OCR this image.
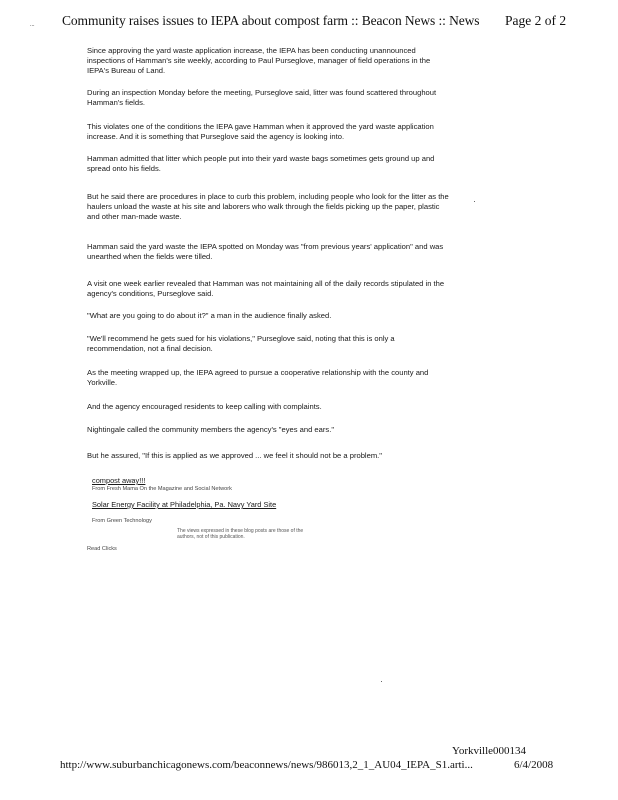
... Community raises issues to IEPA about compost farm :: Beacon News :: News Page 2 of 2

Since approving the yard waste application increase, the IEPA has been conducting unannounced inspections of Hamman's site weekly, according to Paul Purseglove, manager of field operations in the IEPA's Bureau of Land.

During an inspection Monday before the meeting, Purseglove said, litter was found scattered throughout Hamman's fields.

This violates one of the conditions the IEPA gave Hamman when it approved the yard waste application increase. And it is something that Purseglove said the agency is looking into.

Hamman admitted that litter which people put into their yard waste bags sometimes gets ground up and spread onto his fields.

But he said there are procedures in place to curb this problem, including people who look for the litter as the haulers unload the waste at his site and laborers who walk through the fields picking up the paper, plastic and other man-made waste.

Hamman said the yard waste the IEPA spotted on Monday was "from previous years' application" and was unearthed when the fields were tilled.

A visit one week earlier revealed that Hamman was not maintaining all of the daily records stipulated in the agency's conditions, Purseglove said.

"What are you going to do about it?" a man in the audience finally asked.

"We'll recommend he gets sued for his violations," Purseglove said, noting that this is only a recommendation, not a final decision.

As the meeting wrapped up, the IEPA agreed to pursue a cooperative relationship with the county and Yorkville.

And the agency encouraged residents to keep calling with complaints.

Nightingale called the community members the agency's "eyes and ears."

But he assured, "If this is applied as we approved ... we feel it should not be a problem."

compost away!!!
From Fresh Mama On the Magazine and Social Network
Solar Energy Facility at Philadelphia, Pa. Navy Yard Site
From Green Technology
The views expressed in these blog posts are those of the authors, not of this publication.
Read Clicks
Yorkville000134
http://www.suburbanchicagonews.com/beaconnews/news/986013,2_1_AU04_IEPA_S1.arti...	6/4/2008
